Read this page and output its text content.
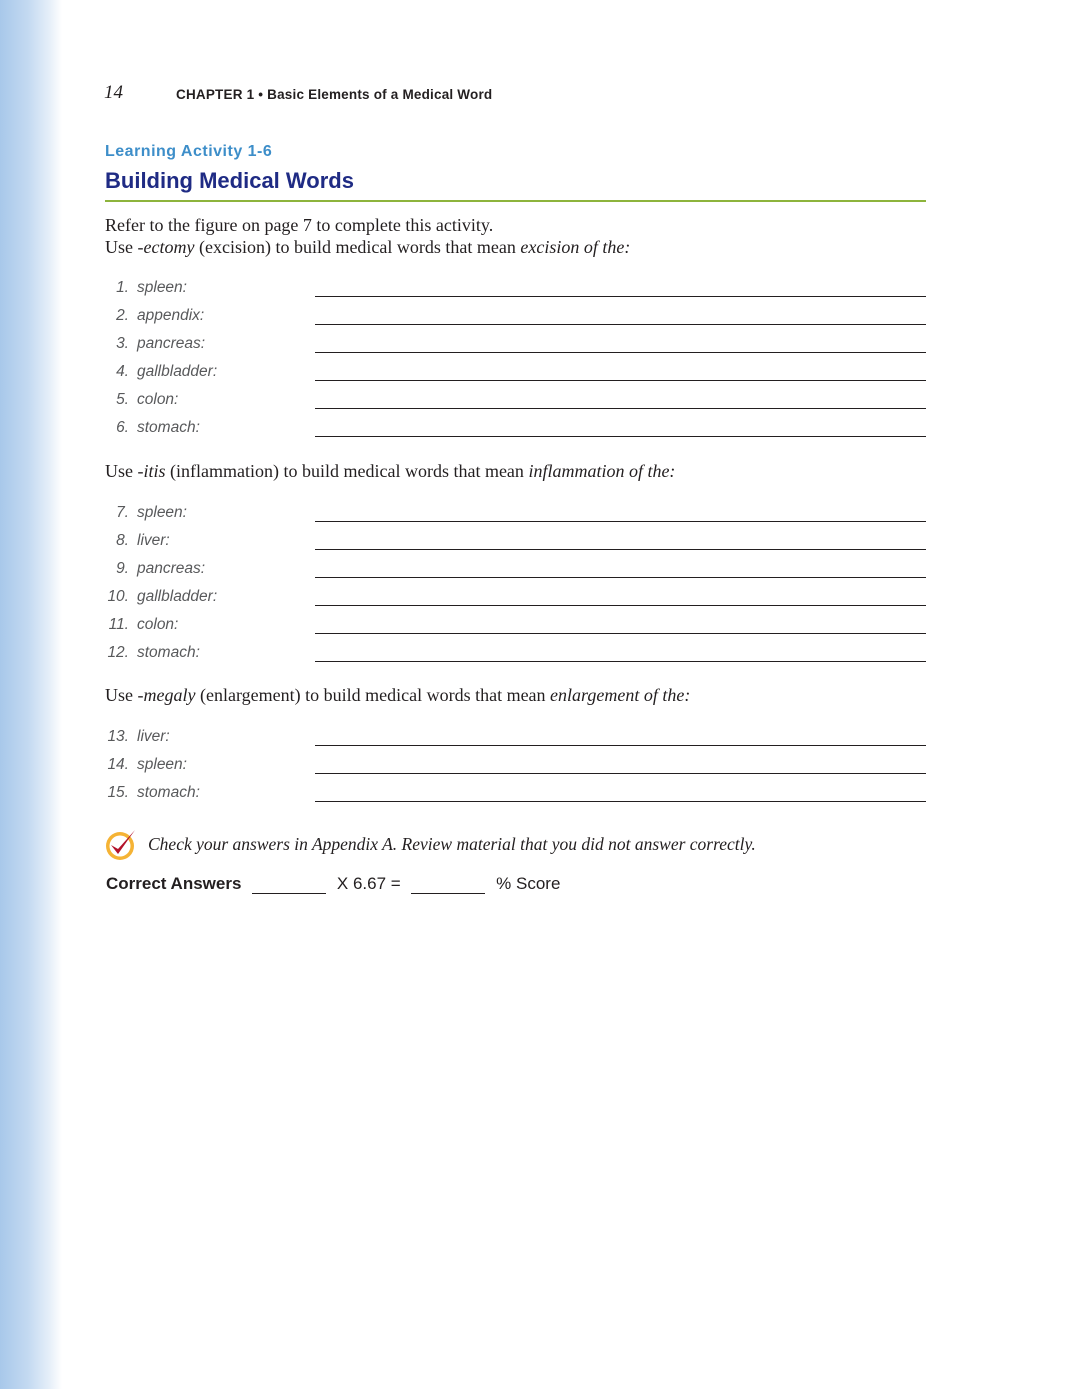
14	CHAPTER 1 • Basic Elements of a Medical Word
Learning Activity 1-6
Building Medical Words
Refer to the figure on page 7 to complete this activity.
Use -ectomy (excision) to build medical words that mean excision of the:
1. spleen:
2. appendix:
3. pancreas:
4. gallbladder:
5. colon:
6. stomach:
Use -itis (inflammation) to build medical words that mean inflammation of the:
7. spleen:
8. liver:
9. pancreas:
10. gallbladder:
11. colon:
12. stomach:
Use -megaly (enlargement) to build medical words that mean enlargement of the:
13. liver:
14. spleen:
15. stomach:
Check your answers in Appendix A. Review material that you did not answer correctly.
Correct Answers	X 6.67 =	% Score
